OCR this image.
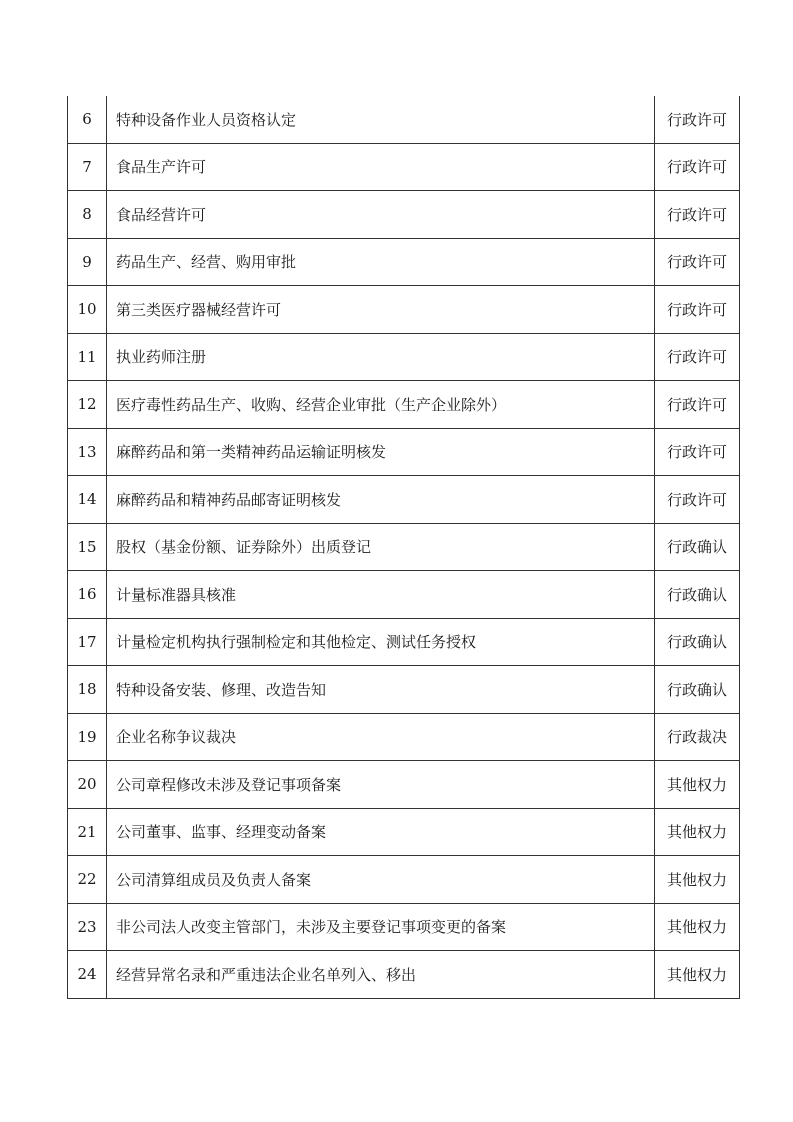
6	特种设备作业人员资格认定	行政许可
7	食品生产许可	行政许可
8	食品经营许可	行政许可
9	药品生产、经营、购用审批	行政许可
10	第三类医疗器械经营许可	行政许可
11	执业药师注册	行政许可
12	医疗毒性药品生产、收购、经营企业审批（生产企业除外）	行政许可
13	麻醉药品和第一类精神药品运输证明核发	行政许可
14	麻醉药品和精神药品邮寄证明核发	行政许可
15	股权（基金份额、证券除外）出质登记	行政确认
16	计量标准器具核准	行政确认
17	计量检定机构执行强制检定和其他检定、测试任务授权	行政确认
18	特种设备安装、修理、改造告知	行政确认
19	企业名称争议裁决	行政裁决
20	公司章程修改未涉及登记事项备案	其他权力
21	公司董事、监事、经理变动备案	其他权力
22	公司清算组成员及负责人备案	其他权力
23	非公司法人改变主管部门，未涉及主要登记事项变更的备案	其他权力
24	经营异常名录和严重违法企业名单列入、移出	其他权力
